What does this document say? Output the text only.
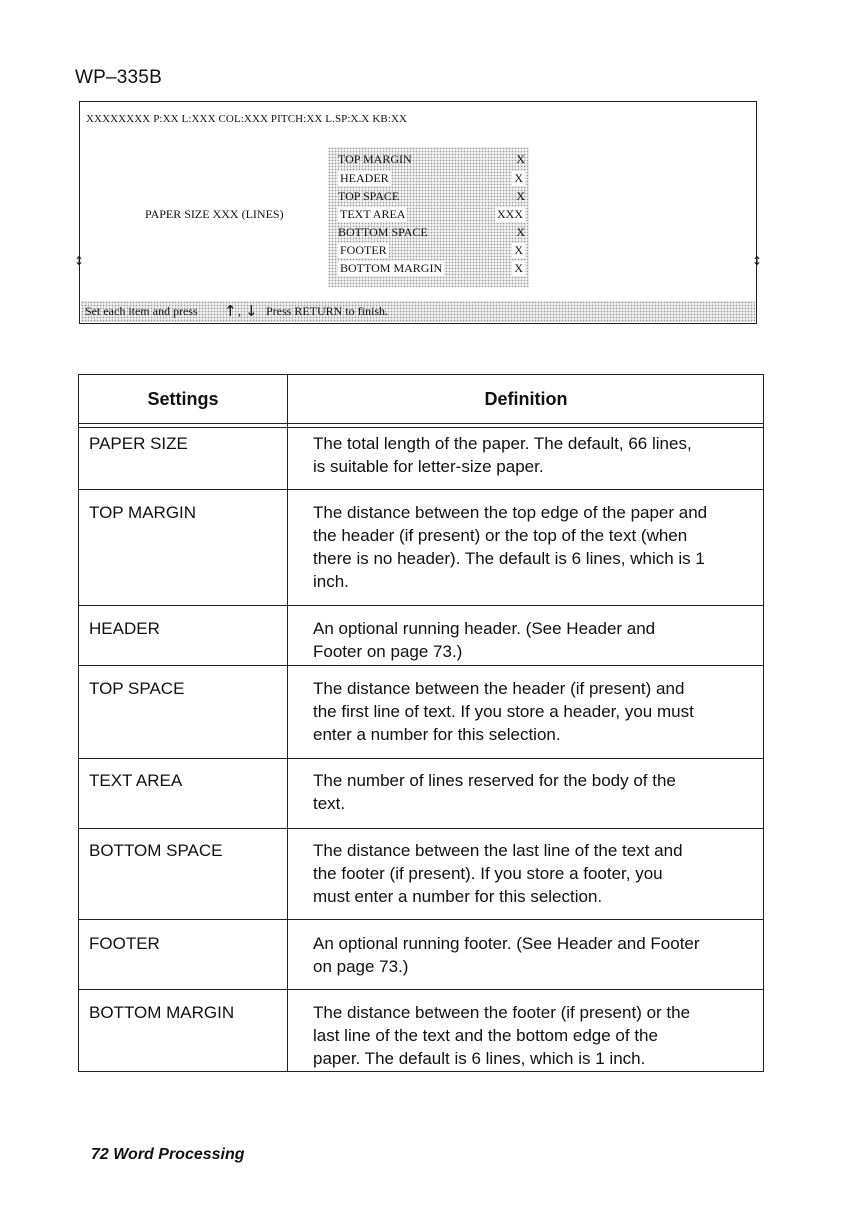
WP–335B
XXXXXXXX P:XX L:XXX COL:XXX PITCH:XX L.SP:X.X KB:XX
PAPER SIZE XXX (LINES)
TOP MARGIN	X
HEADER	X
TOP SPACE	X
TEXT AREA	XXX
BOTTOM SPACE	X
FOOTER	X
BOTTOM MARGIN	X
↕	↕
Set each item and press ↑ , ↓ Press RETURN to finish.
Settings	Definition
PAPER SIZE	The total length of the paper. The default, 66 lines,
is suitable for letter-size paper.
TOP MARGIN	The distance between the top edge of the paper and
the header (if present) or the top of the text (when
there is no header). The default is 6 lines, which is 1
inch.
HEADER	An optional running header. (See Header and
Footer on page 73.)
TOP SPACE	The distance between the header (if present) and
the first line of text. If you store a header, you must
enter a number for this selection.
TEXT AREA	The number of lines reserved for the body of the
text.
BOTTOM SPACE	The distance between the last line of the text and
the footer (if present). If you store a footer, you
must enter a number for this selection.
FOOTER	An optional running footer. (See Header and Footer
on page 73.)
BOTTOM MARGIN	The distance between the footer (if present) or the
last line of the text and the bottom edge of the
paper. The default is 6 lines, which is 1 inch.
72 Word Processing
